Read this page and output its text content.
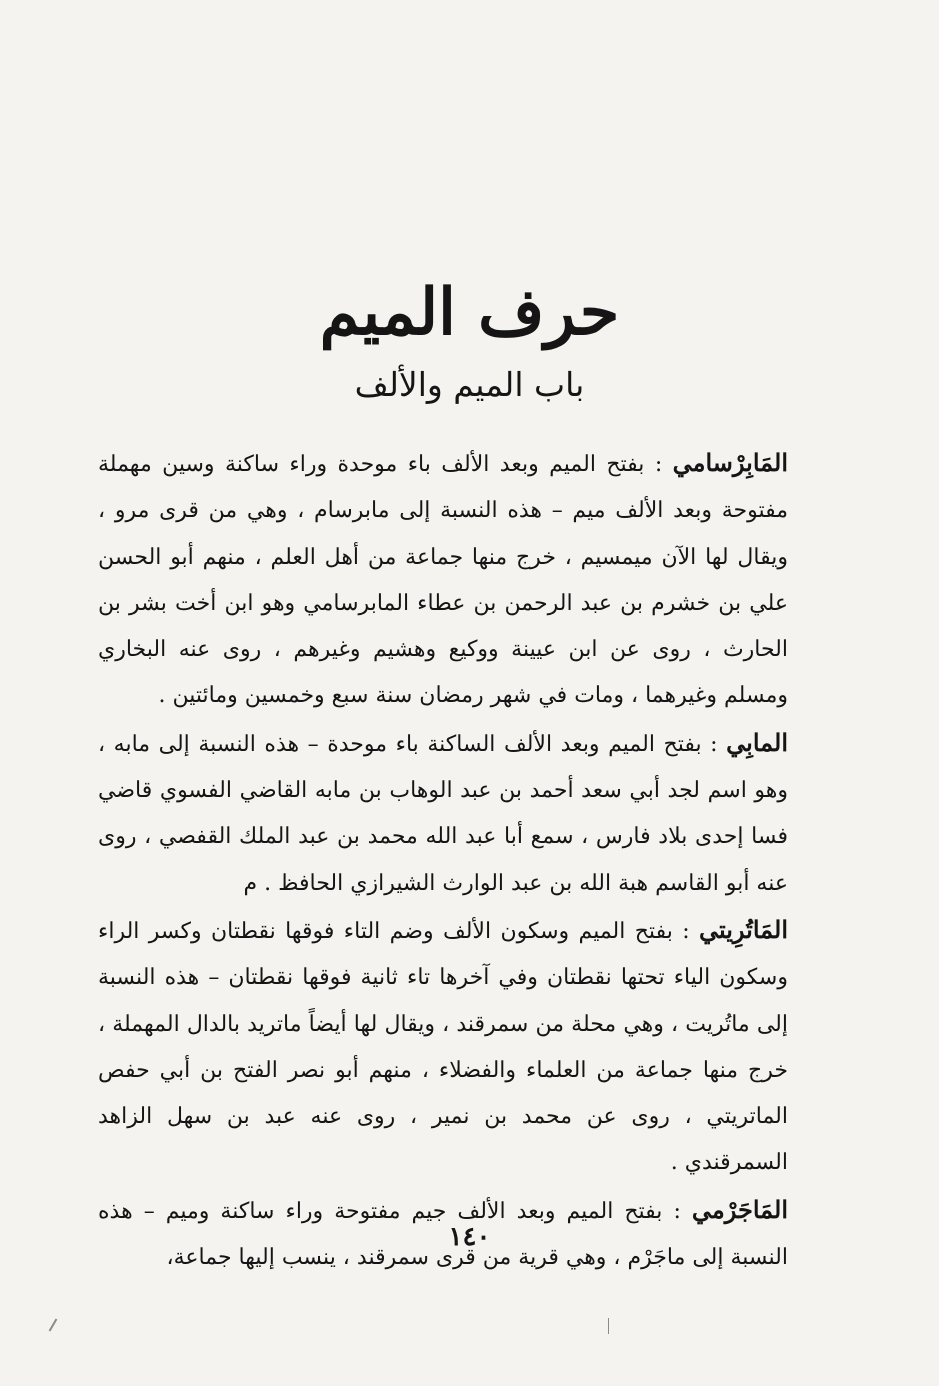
حرف الميم
باب الميم والألف

المَابِرْسامي : بفتح الميم وبعد الألف باء موحدة وراء ساكنة وسين مهملة مفتوحة وبعد الألف ميم – هذه النسبة إلى مابرسام ، وهي من قرى مرو ، ويقال لها الآن ميمسيم ، خرج منها جماعة من أهل العلم ، منهم أبو الحسن علي بن خشرم بن عبد الرحمن بن عطاء المابرسامي وهو ابن أخت بشر بن الحارث ، روى عن ابن عيينة ووكيع وهشيم وغيرهم ، روى عنه البخاري ومسلم وغيرهما ، ومات في شهر رمضان سنة سبع وخمسين ومائتين .

المابِي : بفتح الميم وبعد الألف الساكنة باء موحدة – هذه النسبة إلى مابه ، وهو اسم لجد أبي سعد أحمد بن عبد الوهاب بن مابه القاضي الفسوي قاضي فسا إحدى بلاد فارس ، سمع أبا عبد الله محمد بن عبد الملك القفصي ، روى عنه أبو القاسم هبة الله بن عبد الوارث الشيرازي الحافظ . م

المَاتُرِيتي : بفتح الميم وسكون الألف وضم التاء فوقها نقطتان وكسر الراء وسكون الياء تحتها نقطتان وفي آخرها تاء ثانية فوقها نقطتان – هذه النسبة إلى ماتُريت ، وهي محلة من سمرقند ، ويقال لها أيضاً ماتريد بالدال المهملة ، خرج منها جماعة من العلماء والفضلاء ، منهم أبو نصر الفتح بن أبي حفص الماتريتي ، روى عن محمد بن نمير ، روى عنه عبد بن سهل الزاهد السمرقندي .

المَاجَرْمي : بفتح الميم وبعد الألف جيم مفتوحة وراء ساكنة وميم – هذه النسبة إلى ماجَرْم ، وهي قرية من قرى سمرقند ، ينسب إليها جماعة،

١٤٠
